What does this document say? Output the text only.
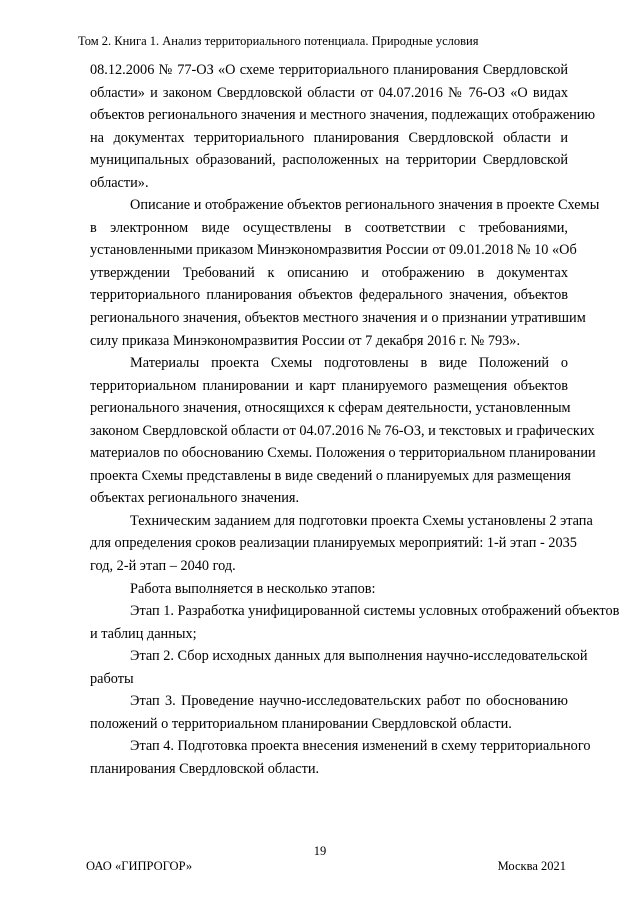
Том 2. Книга 1. Анализ территориального потенциала. Природные условия
08.12.2006 № 77-ОЗ «О схеме территориального планирования Свердловской
области» и законом Свердловской области от 04.07.2016 № 76-ОЗ «О видах
объектов регионального значения и местного значения, подлежащих отображению
на документах территориального планирования Свердловской области и
муниципальных образований, расположенных на территории Свердловской
области».
Описание и отображение объектов регионального значения в проекте Схемы
в электронном виде осуществлены в соответствии с требованиями,
установленными приказом Минэкономразвития России от 09.01.2018 № 10 «Об
утверждении Требований к описанию и отображению в документах
территориального планирования объектов федерального значения, объектов
регионального значения, объектов местного значения и о признании утратившим
силу приказа Минэкономразвития России от 7 декабря 2016 г. № 793».
Материалы проекта Схемы подготовлены в виде Положений о
территориальном планировании и карт планируемого размещения объектов
регионального значения, относящихся к сферам деятельности, установленным
законом Свердловской области от 04.07.2016 № 76-ОЗ, и текстовых и графических
материалов по обоснованию Схемы. Положения о территориальном планировании
проекта Схемы представлены в виде сведений о планируемых для размещения
объектах регионального значения.
Техническим заданием для подготовки проекта Схемы установлены 2 этапа
для определения сроков реализации планируемых мероприятий: 1-й этап - 2035
год, 2-й этап – 2040 год.
Работа выполняется в несколько этапов:
Этап 1. Разработка унифицированной системы условных отображений объектов
и таблиц данных;
Этап 2. Сбор исходных данных для выполнения научно-исследовательской
работы
Этап 3. Проведение научно-исследовательских работ по обоснованию
положений о территориальном планировании Свердловской области.
Этап 4. Подготовка проекта внесения изменений в схему территориального
планирования Свердловской области.
19
ОАО «ГИПРОГОР»	Москва 2021
